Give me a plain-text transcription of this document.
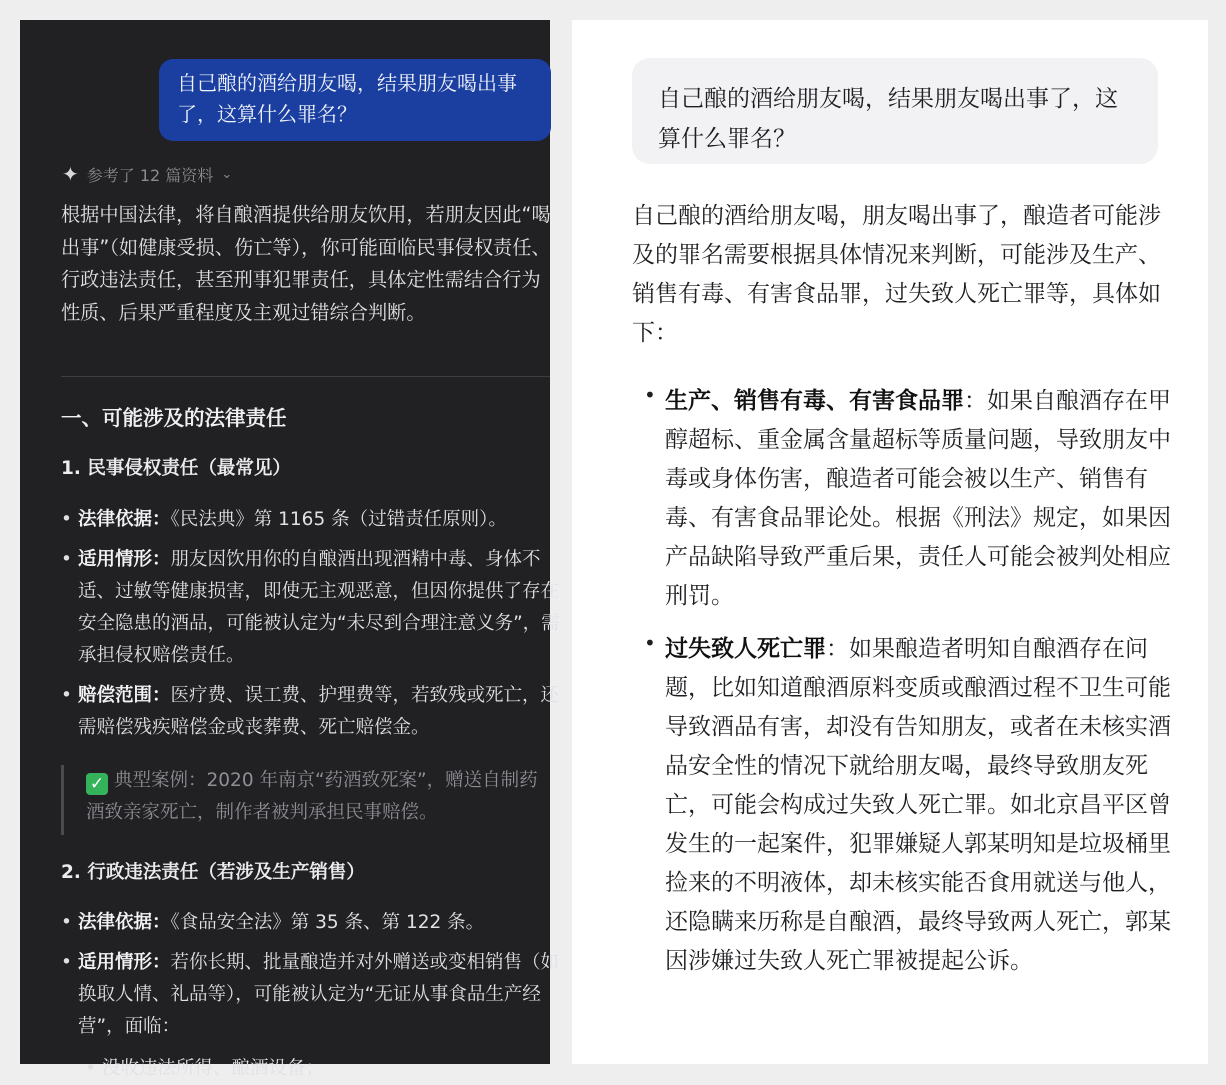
自己酿的酒给朋友喝，结果朋友喝出事了，这算什么罪名？
✦ 参考了 12 篇资料 ⌄
根据中国法律，将自酿酒提供给朋友饮用，若朋友因此“喝出事”（如健康受损、伤亡等），你可能面临民事侵权责任、行政违法责任，甚至刑事犯罪责任，具体定性需结合行为性质、后果严重程度及主观过错综合判断。
一、可能涉及的法律责任
1. 民事侵权责任（最常见）
• 法律依据：《民法典》第 1165 条（过错责任原则）。
• 适用情形：朋友因饮用你的自酿酒出现酒精中毒、身体不适、过敏等健康损害，即使无主观恶意，但因你提供了存在安全隐患的酒品，可能被认定为“未尽到合理注意义务”，需承担侵权赔偿责任。
• 赔偿范围：医疗费、误工费、护理费等，若致残或死亡，还需赔偿残疾赔偿金或丧葬费、死亡赔偿金。
✓ 典型案例：2020 年南京“药酒致死案”，赠送自制药酒致亲家死亡，制作者被判承担民事赔偿。
2. 行政违法责任（若涉及生产销售）
• 法律依据：《食品安全法》第 35 条、第 122 条。
• 适用情形：若你长期、批量酿造并对外赠送或变相销售（如换取人情、礼品等），可能被认定为“无证从事食品生产经营”，面临：
• 没收违法所得、酿酒设备；
自己酿的酒给朋友喝，结果朋友喝出事了，这算什么罪名？
自己酿的酒给朋友喝，朋友喝出事了，酿造者可能涉及的罪名需要根据具体情况来判断，可能涉及生产、销售有毒、有害食品罪，过失致人死亡罪等，具体如下：
• 生产、销售有毒、有害食品罪：如果自酿酒存在甲醇超标、重金属含量超标等质量问题，导致朋友中毒或身体伤害，酿造者可能会被以生产、销售有毒、有害食品罪论处。根据《刑法》规定，如果因产品缺陷导致严重后果，责任人可能会被判处相应刑罚。
• 过失致人死亡罪：如果酿造者明知自酿酒存在问题，比如知道酿酒原料变质或酿酒过程不卫生可能导致酒品有害，却没有告知朋友，或者在未核实酒品安全性的情况下就给朋友喝，最终导致朋友死亡，可能会构成过失致人死亡罪。如北京昌平区曾发生的一起案件，犯罪嫌疑人郭某明知是垃圾桶里捡来的不明液体，却未核实能否食用就送与他人，还隐瞒来历称是自酿酒，最终导致两人死亡，郭某因涉嫌过失致人死亡罪被提起公诉。
